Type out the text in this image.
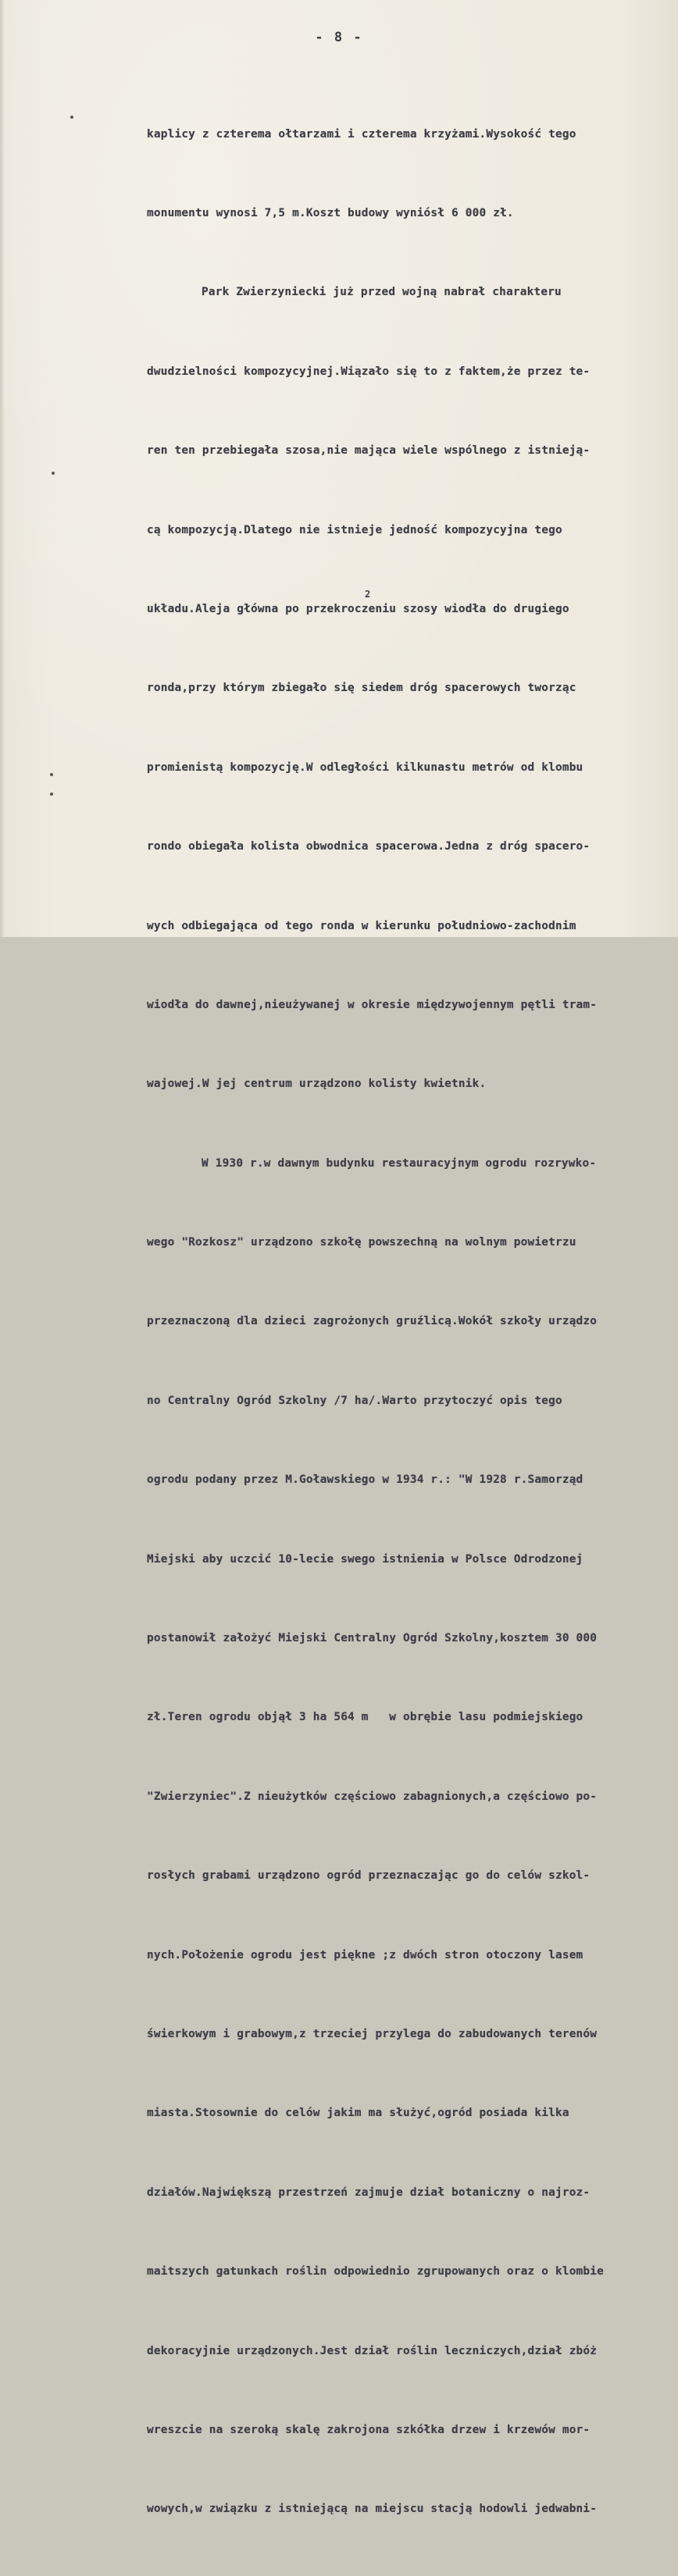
- 8 -

kaplicy z czterema ołtarzami i czterema krzyżami.Wysokość tego

monumentu wynosi 7,5 m.Koszt budowy wyniósł 6 000 zł.

Park Zwierzyniecki już przed wojną nabrał charakteru

dwudzielności kompozycyjnej.Wiązało się to z faktem,że przez te-

ren ten przebiegała szosa,nie mająca wiele wspólnego z istnieją-

cą kompozycją.Dlatego nie istnieje jedność kompozycyjna tego

układu.Aleja główna po przekroczeniu szosy wiodła do drugiego

ronda,przy którym zbiegało się siedem dróg spacerowych tworząc

promienistą kompozycję.W odległości kilkunastu metrów od klombu

rondo obiegała kolista obwodnica spacerowa.Jedna z dróg spacero-

wych odbiegająca od tego ronda w kierunku południowo-zachodnim

wiodła do dawnej,nieużywanej w okresie międzywojennym pętli tram-

wajowej.W jej centrum urządzono kolisty kwietnik.

W 1930 r.w dawnym budynku restauracyjnym ogrodu rozrywko-

wego "Rozkosz" urządzono szkołę powszechną na wolnym powietrzu

przeznaczoną dla dzieci zagrożonych gruźlicą.Wokół szkoły urządzo

no Centralny Ogród Szkolny /7 ha/.Warto przytoczyć opis tego

ogrodu podany przez M.Goławskiego w 1934 r.: "W 1928 r.Samorząd

Miejski aby uczcić 10-lecie swego istnienia w Polsce Odrodzonej

postanowił założyć Miejski Centralny Ogród Szkolny,kosztem 30 000

zł.Teren ogrodu objął 3 ha 564 m   w obrębie lasu podmiejskiego

"Zwierzyniec".Z nieużytków częściowo zabagnionych,a częściowo po-

rosłych grabami urządzono ogród przeznaczając go do celów szkol-

nych.Położenie ogrodu jest piękne ;z dwóch stron otoczony lasem

świerkowym i grabowym,z trzeciej przylega do zabudowanych terenów

miasta.Stosownie do celów jakim ma służyć,ogród posiada kilka

działów.Największą przestrzeń zajmuje dział botaniczny o najroz-

maitszych gatunkach roślin odpowiednio zgrupowanych oraz o klombie

dekoracyjnie urządzonych.Jest dział roślin leczniczych,dział zbóż

wreszcie na szeroką skalę zakrojona szkółka drzew i krzewów mor-

wowych,w związku z istniejącą na miejscu stacją hodowli jedwabni-

2
